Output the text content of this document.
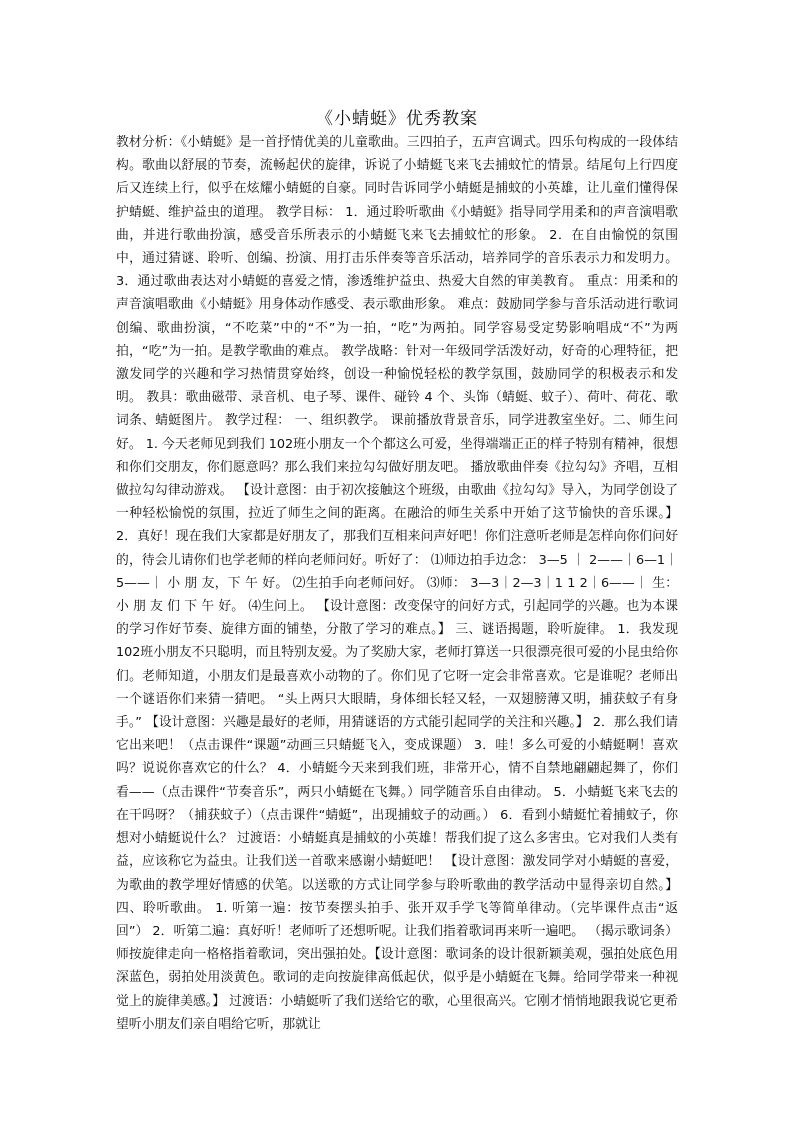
《小蜻蜓》优秀教案
教材分析：《小蜻蜓》是一首抒情优美的儿童歌曲。三四拍子，五声宫调式。四乐句构成的一段体结构。歌曲以舒展的节奏，流畅起伏的旋律，诉说了小蜻蜓飞来飞去捕蚊忙的情景。结尾句上行四度后又连续上行，似乎在炫耀小蜻蜓的自豪。同时告诉同学小蜻蜓是捕蚊的小英雄，让儿童们懂得保护蜻蜓、维护益虫的道理。 教学目标： 1．通过聆听歌曲《小蜻蜓》指导同学用柔和的声音演唱歌曲，并进行歌曲扮演，感受音乐所表示的小蜻蜓飞来飞去捕蚊忙的形象。 2．在自由愉悦的氛围中，通过猜谜、聆听、创编、扮演、用打击乐伴奏等音乐活动，培养同学的音乐表示力和发明力。 3．通过歌曲表达对小蜻蜓的喜爱之情，渗透维护益虫、热爱大自然的审美教育。 重点：用柔和的声音演唱歌曲《小蜻蜓》用身体动作感受、表示歌曲形象。 难点：鼓励同学参与音乐活动进行歌词创编、歌曲扮演，“不吃菜”中的“不”为一拍，“吃”为两拍。同学容易受定势影响唱成“不”为两拍，“吃”为一拍。是教学歌曲的难点。 教学战略：针对一年级同学活泼好动，好奇的心理特征，把激发同学的兴趣和学习热情贯穿始终，创设一种愉悦轻松的教学氛围，鼓励同学的积极表示和发明。 教具：歌曲磁带、录音机、电子琴、课件、碰铃 4 个、头饰（蜻蜓、蚊子）、荷叶、荷花、歌词条、蜻蜓图片。 教学过程： 一、组织教学。 课前播放背景音乐，同学进教室坐好。二、师生问好。 1. 今天老师见到我们 102班小朋友一个个都这么可爱，坐得端端正正的样子特别有精神，很想和你们交朋友，你们愿意吗？那么我们来拉勾勾做好朋友吧。 播放歌曲伴奏《拉勾勾》齐唱，互相做拉勾勾律动游戏。 【设计意图：由于初次接触这个班级，由歌曲《拉勾勾》导入，为同学创设了一种轻松愉悦的氛围，拉近了师生之间的距离。在融洽的师生关系中开始了这节愉快的音乐课。】 2．真好！现在我们大家都是好朋友了，那我们互相来问声好吧！你们注意听老师是怎样向你们问好的，待会儿请你们也学老师的样向老师问好。听好了： ⑴师边拍手边念： 3—5 ｜ 2——｜6—1｜5——｜ 小 朋 友，下 午 好。 ⑵生拍手向老师问好。 ⑶师： 3—3｜2—3｜1 1 2｜6——｜ 生： 小 朋 友 们 下 午 好。 ⑷生问上。 【设计意图：改变保守的问好方式，引起同学的兴趣。也为本课的学习作好节奏、旋律方面的铺垫，分散了学习的难点。】 三、谜语揭题，聆听旋律。 1．我发现 102班小朋友不只聪明，而且特别友爱。为了奖励大家，老师打算送一只很漂亮很可爱的小昆虫给你们。老师知道，小朋友们是最喜欢小动物的了。你们见了它呀一定会非常喜欢。它是谁呢？老师出一个谜语你们来猜一猜吧。 “头上两只大眼睛，身体细长轻又轻，一双翅膀薄又明，捕获蚊子有身手。” 【设计意图：兴趣是最好的老师，用猜谜语的方式能引起同学的关注和兴趣。】 2．那么我们请它出来吧！（点击课件“课题”动画三只蜻蜓飞入，变成课题） 3．哇！多么可爱的小蜻蜓啊！喜欢吗？说说你喜欢它的什么？ 4．小蜻蜓今天来到我们班，非常开心，情不自禁地翩翩起舞了，你们看——（点击课件“节奏音乐”，两只小蜻蜓在飞舞。）同学随音乐自由律动。 5．小蜻蜓飞来飞去的在干吗呀？（捕获蚊子）（点击课件“蜻蜓”，出现捕蚊子的动画。） 6．看到小蜻蜓忙着捕蚊子，你想对小蜻蜓说什么？ 过渡语：小蜻蜓真是捕蚊的小英雄！帮我们捉了这么多害虫。它对我们人类有益，应该称它为益虫。让我们送一首歌来感谢小蜻蜓吧！ 【设计意图：激发同学对小蜻蜓的喜爱，为歌曲的教学埋好情感的伏笔。以送歌的方式让同学参与聆听歌曲的教学活动中显得亲切自然。】 四、聆听歌曲。 1. 听第一遍：按节奏摆头拍手、张开双手学飞等简单律动。（完毕课件点击“返回”） 2．听第二遍：真好听！老师听了还想听呢。让我们指着歌词再来听一遍吧。 （揭示歌词条）师按旋律走向一格格指着歌词，突出强拍处。【设计意图：歌词条的设计很新颖美观，强拍处底色用深蓝色，弱拍处用淡黄色。歌词的走向按旋律高低起伏，似乎是小蜻蜓在飞舞。给同学带来一种视觉上的旋律美感。】 过渡语：小蜻蜓听了我们送给它的歌，心里很高兴。它刚才悄悄地跟我说它更希望听小朋友们亲自唱给它听，那就让
